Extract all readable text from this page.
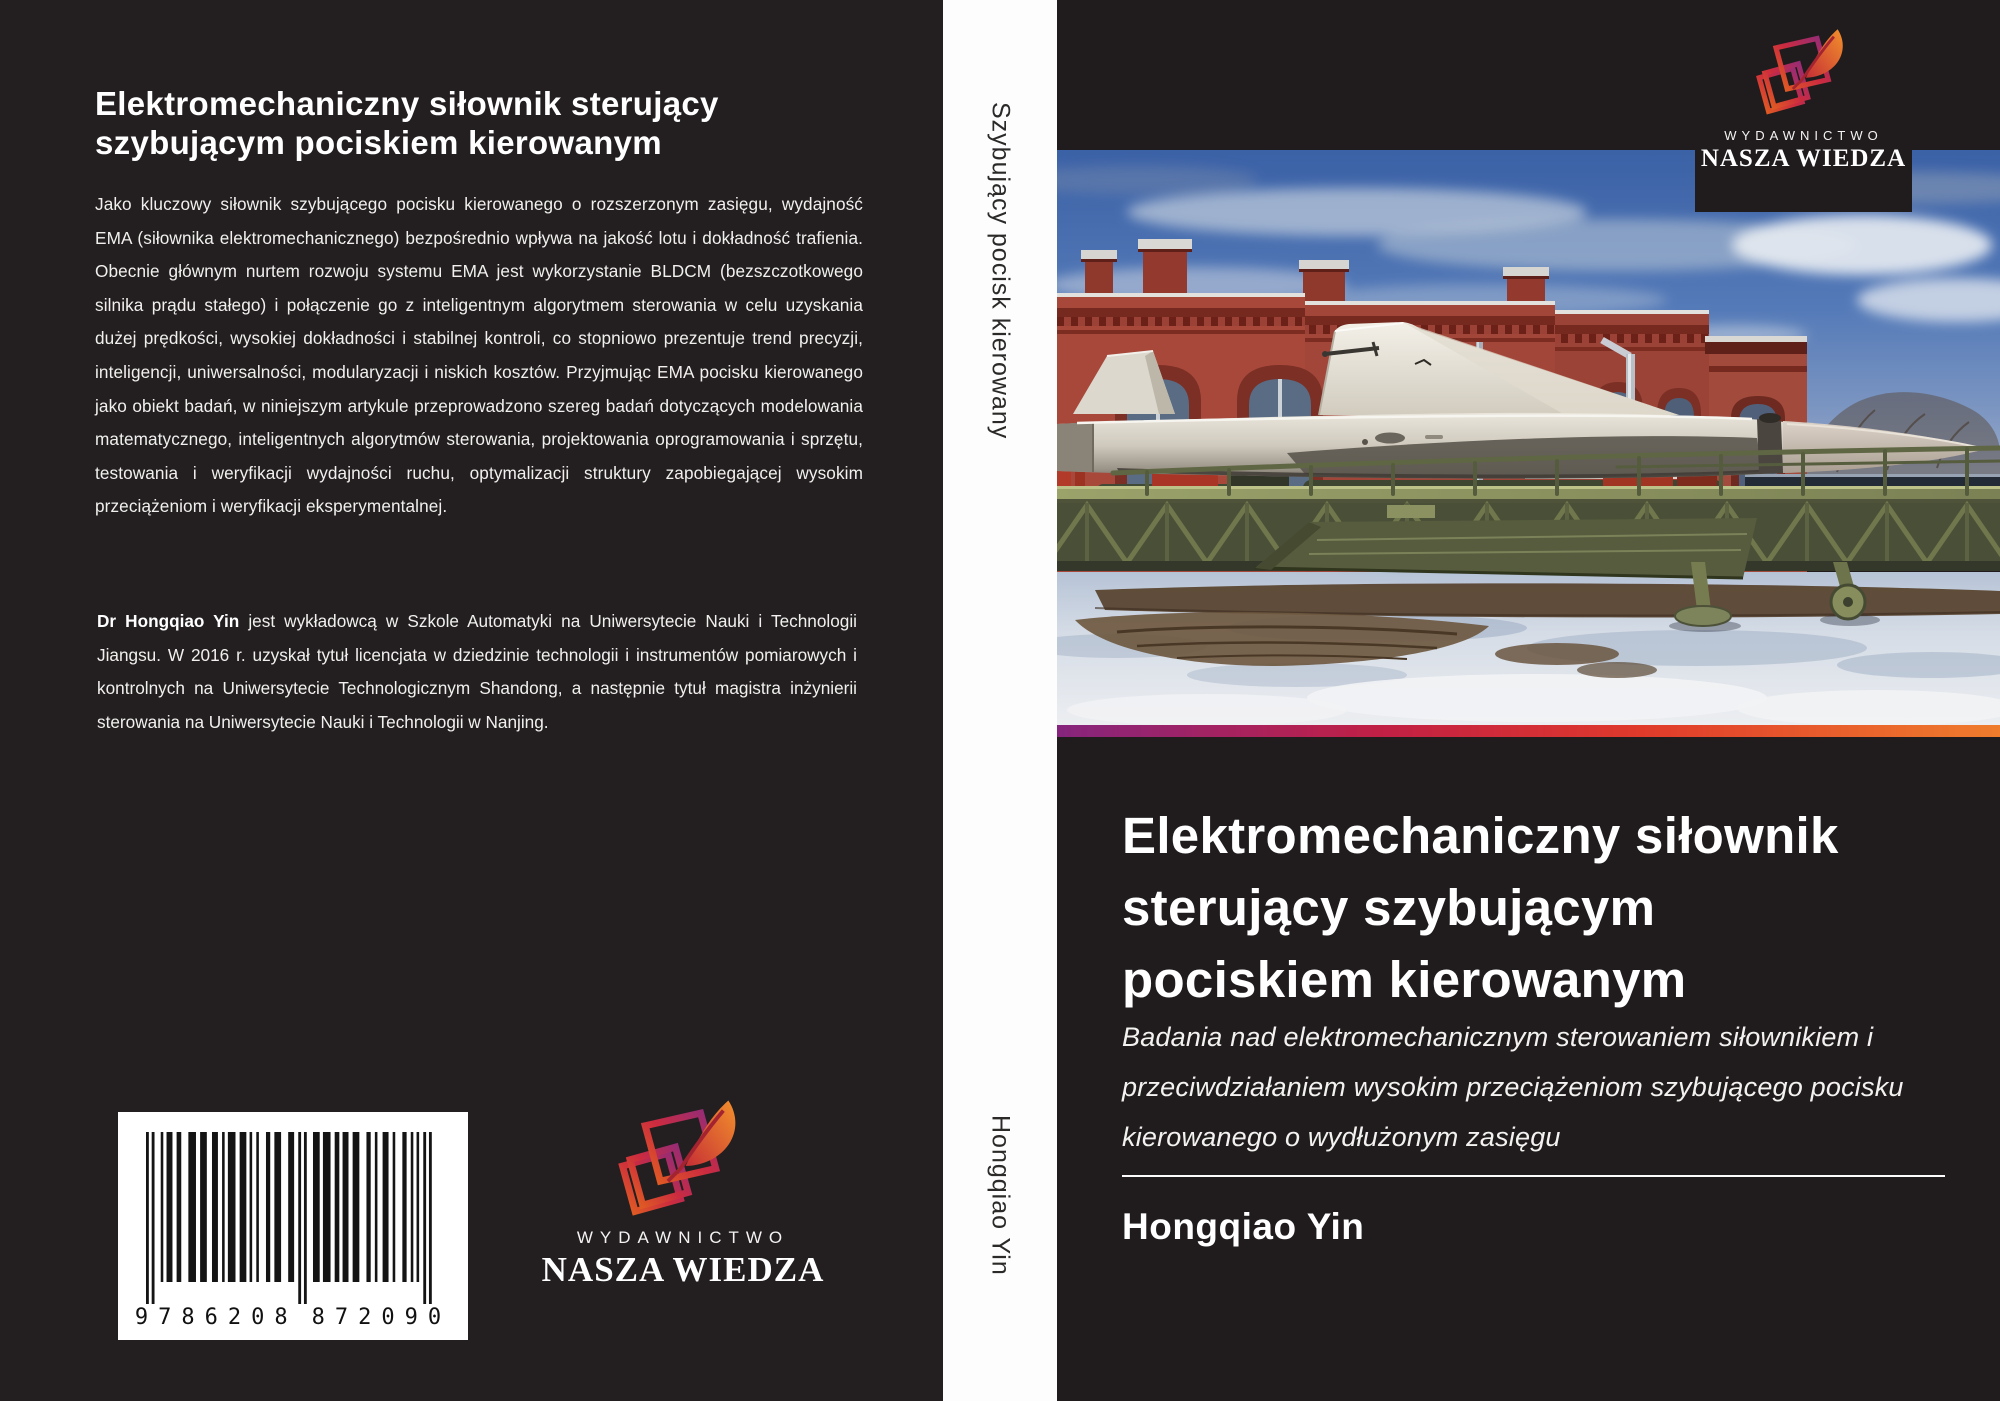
Elektromechaniczny siłownik sterujący szybującym pociskiem kierowanym

Jako kluczowy siłownik szybującego pocisku kierowanego o rozszerzonym zasięgu, wydajność EMA (siłownika elektromechanicznego) bezpośrednio wpływa na jakość lotu i dokładność trafienia. Obecnie głównym nurtem rozwoju systemu EMA jest wykorzystanie BLDCM (bezszczotkowego silnika prądu stałego) i połączenie go z inteligentnym algorytmem sterowania w celu uzyskania dużej prędkości, wysokiej dokładności i stabilnej kontroli, co stopniowo prezentuje trend precyzji, inteligencji, uniwersalności, modularyzacji i niskich kosztów. Przyjmując EMA pocisku kierowanego jako obiekt badań, w niniejszym artykule przeprowadzono szereg badań dotyczących modelowania matematycznego, inteligentnych algorytmów sterowania, projektowania oprogramowania i sprzętu, testowania i weryfikacji wydajności ruchu, optymalizacji struktury zapobiegającej wysokim przeciążeniom i weryfikacji eksperymentalnej.

Dr Hongqiao Yin jest wykładowcą w Szkole Automatyki na Uniwersytecie Nauki i Technologii Jiangsu. W 2016 r. uzyskał tytuł licencjata w dziedzinie technologii i instrumentów pomiarowych i kontrolnych na Uniwersytecie Technologicznym Shandong, a następnie tytuł magistra inżynierii sterowania na Uniwersytecie Nauki i Technologii w Nanjing.

9786208 872090
WYDAWNICTWO
NASZA WIEDZA
Szybujący pocisk kierowany
Hongqiao Yin
WYDAWNICTWO
NASZA WIEDZA
Elektromechaniczny siłownik
sterujący szybującym
pociskiem kierowanym

Badania nad elektromechanicznym sterowaniem siłownikiem i przeciwdziałaniem wysokim przeciążeniom szybującego pocisku kierowanego o wydłużonym zasięgu

Hongqiao Yin
